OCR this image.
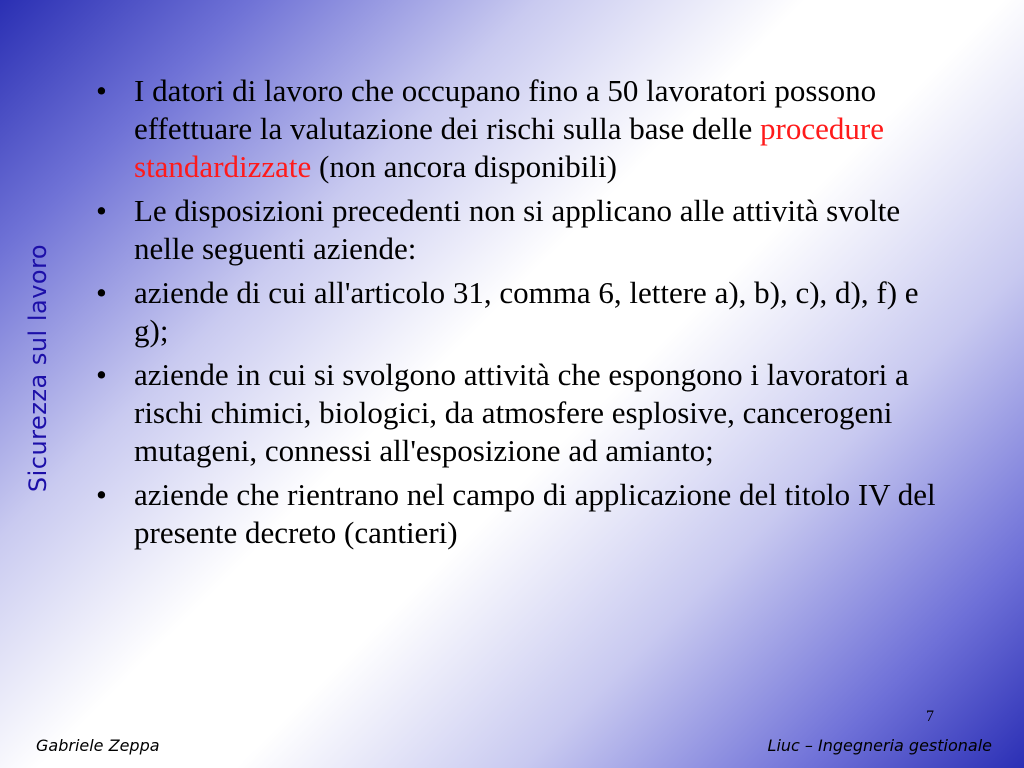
Sicurezza sul lavoro
• I datori di lavoro che occupano fino a 50 lavoratori possono effettuare la valutazione dei rischi sulla base delle procedure standardizzate (non ancora disponibili)
• Le disposizioni precedenti non si applicano alle attività svolte nelle seguenti aziende:
• aziende di cui all'articolo 31, comma 6, lettere a), b), c), d), f) e g);
• aziende in cui si svolgono attività che espongono i lavoratori a rischi chimici, biologici, da atmosfere esplosive, cancerogeni mutageni, connessi all'esposizione ad amianto;
• aziende che rientrano nel campo di applicazione del titolo IV del presente decreto (cantieri)
7
Gabriele Zeppa	Liuc – Ingegneria gestionale
